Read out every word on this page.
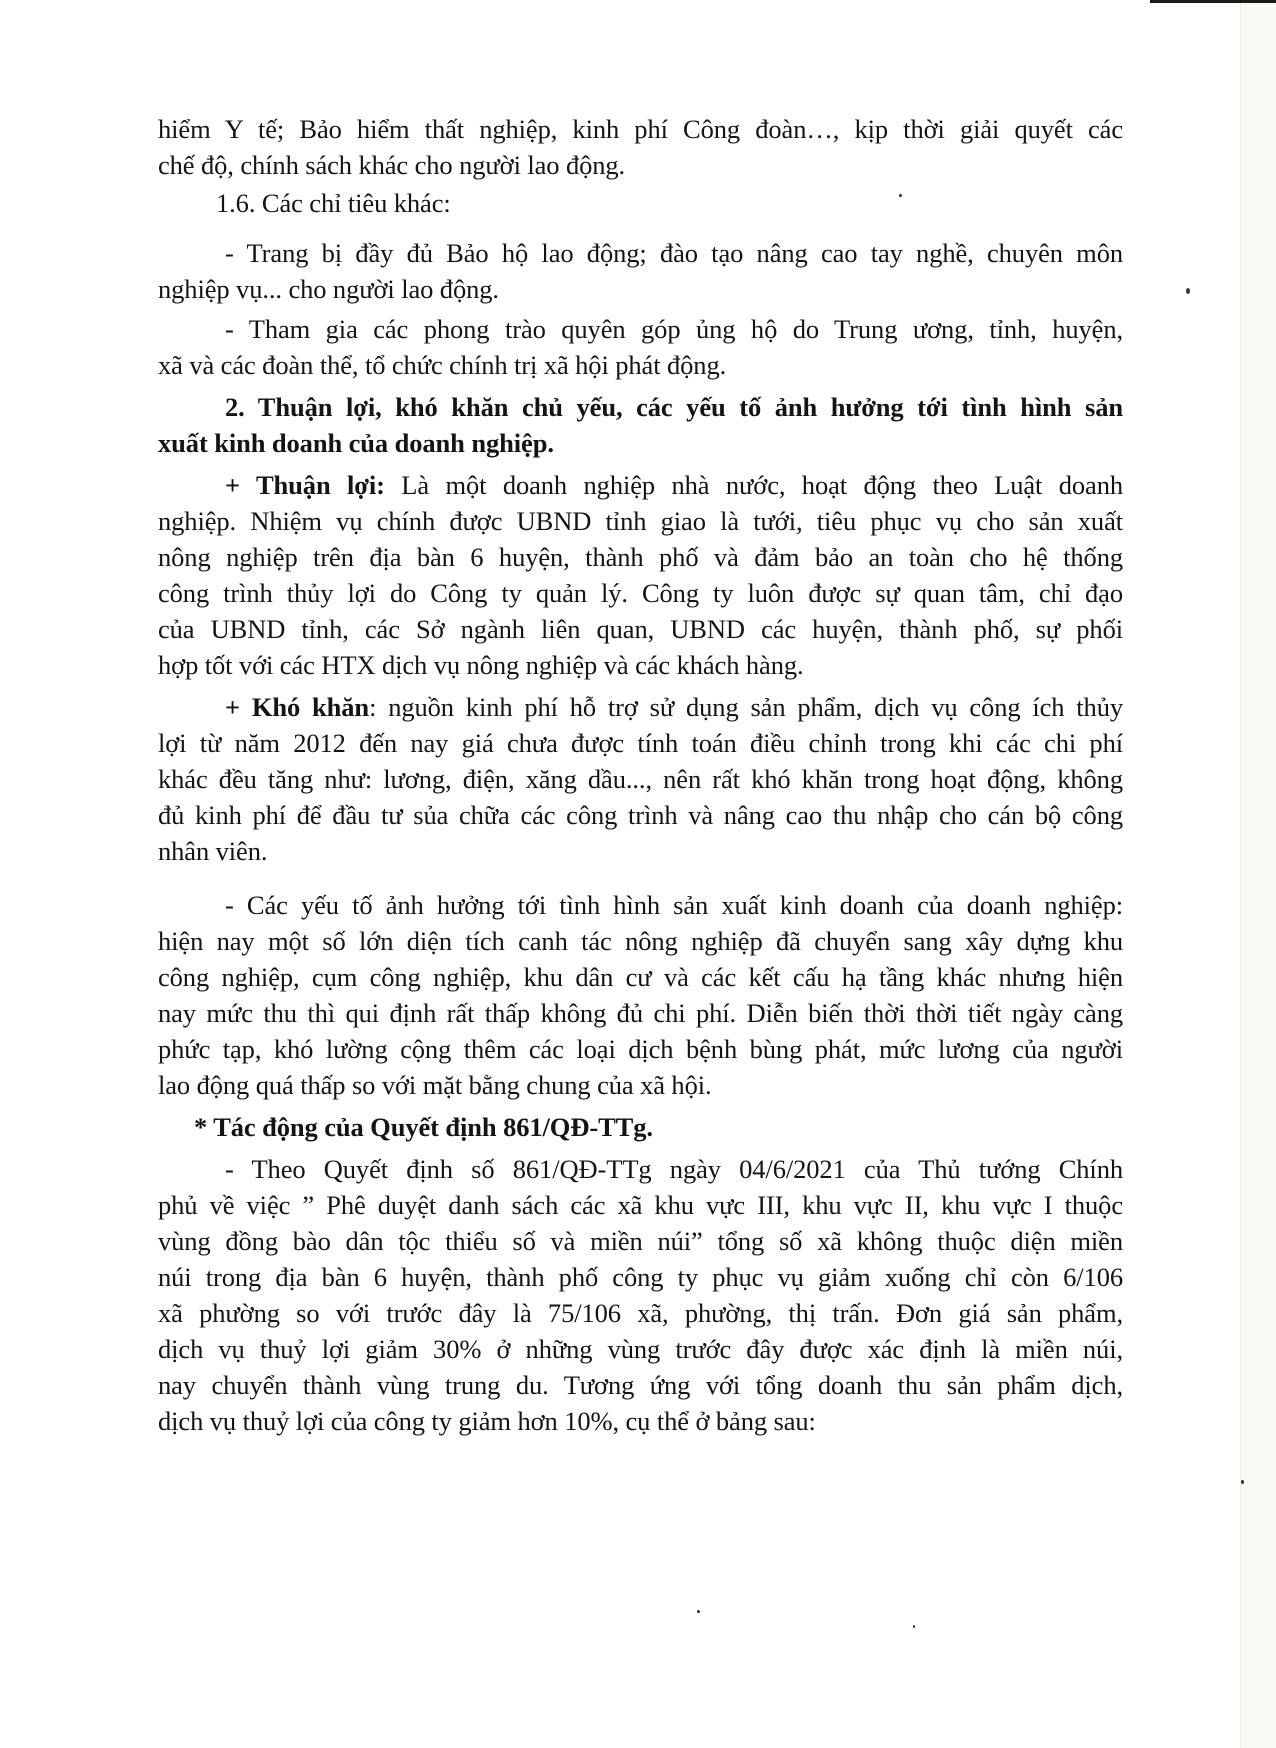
hiểm Y tế; Bảo hiểm thất nghiệp, kinh phí Công đoàn…, kịp thời giải quyết các
chế độ, chính sách khác cho người lao động.
1.6. Các chỉ tiêu khác:
- Trang bị đầy đủ Bảo hộ lao động; đào tạo nâng cao tay nghề, chuyên môn
nghiệp vụ... cho người lao động.
- Tham gia các phong trào quyên góp ủng hộ do Trung ương, tỉnh, huyện,
xã và các đoàn thể, tổ chức chính trị xã hội phát động.
2. Thuận lợi, khó khăn chủ yếu, các yếu tố ảnh hưởng tới tình hình sản
xuất kinh doanh của doanh nghiệp.
+ Thuận lợi: Là một doanh nghiệp nhà nước, hoạt động theo Luật doanh
nghiệp. Nhiệm vụ chính được UBND tỉnh giao là tưới, tiêu phục vụ cho sản xuất
nông nghiệp trên địa bàn 6 huyện, thành phố và đảm bảo an toàn cho hệ thống
công trình thủy lợi do Công ty quản lý. Công ty luôn được sự quan tâm, chỉ đạo
của UBND tỉnh, các Sở ngành liên quan, UBND các huyện, thành phố, sự phối
hợp tốt với các HTX dịch vụ nông nghiệp và các khách hàng.
+ Khó khăn: nguồn kinh phí hỗ trợ sử dụng sản phẩm, dịch vụ công ích thủy
lợi từ năm 2012 đến nay giá chưa được tính toán điều chỉnh trong khi các chi phí
khác đều tăng như: lương, điện, xăng dầu..., nên rất khó khăn trong hoạt động, không
đủ kinh phí để đầu tư sủa chữa các công trình và nâng cao thu nhập cho cán bộ công
nhân viên.
- Các yếu tố ảnh hưởng tới tình hình sản xuất kinh doanh của doanh nghiệp:
hiện nay một số lớn diện tích canh tác nông nghiệp đã chuyển sang xây dựng khu
công nghiệp, cụm công nghiệp, khu dân cư và các kết cấu hạ tầng khác nhưng hiện
nay mức thu thì qui định rất thấp không đủ chi phí. Diễn biến thời thời tiết ngày càng
phức tạp, khó lường cộng thêm các loại dịch bệnh bùng phát, mức lương của người
lao động quá thấp so với mặt bằng chung của xã hội.
* Tác động của Quyết định 861/QĐ-TTg.
- Theo Quyết định số 861/QĐ-TTg ngày 04/6/2021 của Thủ tướng Chính
phủ về việc ” Phê duyệt danh sách các xã khu vực III, khu vực II, khu vực I thuộc
vùng đồng bào dân tộc thiểu số và miền núi” tổng số xã không thuộc diện miền
núi trong địa bàn 6 huyện, thành phố công ty phục vụ giảm xuống chỉ còn 6/106
xã phường so với trước đây là 75/106 xã, phường, thị trấn. Đơn giá sản phẩm,
dịch vụ thuỷ lợi giảm 30% ở những vùng trước đây được xác định là miền núi,
nay chuyển thành vùng trung du. Tương ứng với tổng doanh thu sản phẩm dịch,
dịch vụ thuỷ lợi của công ty giảm hơn 10%, cụ thể ở bảng sau:
